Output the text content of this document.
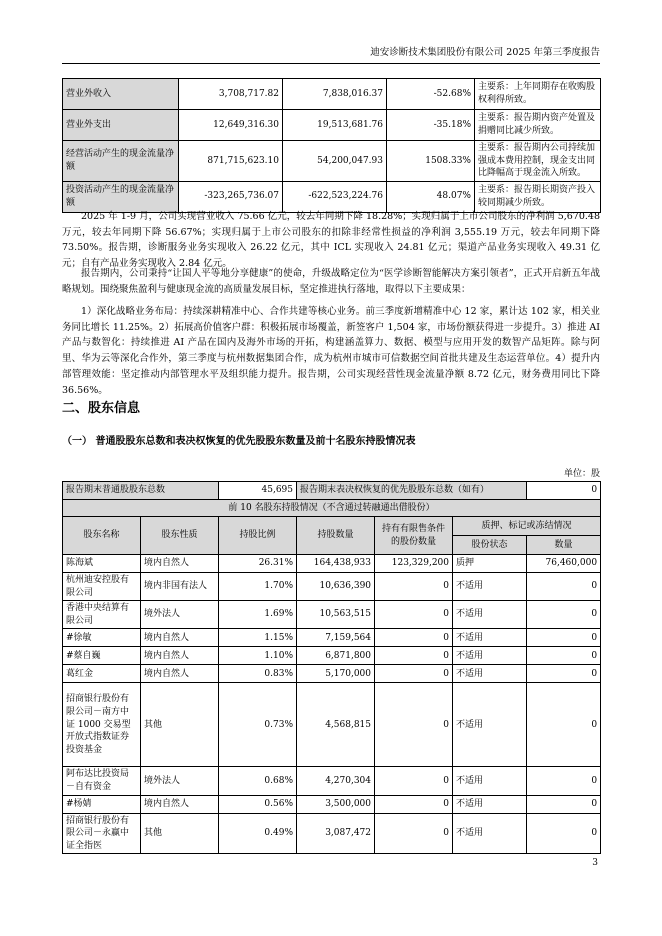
迪安诊断技术集团股份有限公司 2025 年第三季度报告
营业外收入	3,708,717.82	7,838,016.37	-52.68%	主要系：上年同期存在收购股权利得所致。
营业外支出	12,649,316.30	19,513,681.76	-35.18%	主要系：报告期内资产处置及捐赠同比减少所致。
经营活动产生的现金流量净额	871,715,623.10	54,200,047.93	1508.33%	主要系：报告期内公司持续加强成本费用控制，现金支出同比降幅高于现金流入所致。
投资活动产生的现金流量净额	-323,265,736.07	-622,523,224.76	48.07%	主要系：报告期长期资产投入较同期减少所致。

2025 年 1-9 月，公司实现营业收入 75.66 亿元，较去年同期下降 18.28%；实现归属于上市公司股东的净利润 5,670.48 万元，较去年同期下降 56.67%；实现归属于上市公司股东的扣除非经常性损益的净利润 3,555.19 万元，较去年同期下降 73.50%。报告期，诊断服务业务实现收入 26.22 亿元，其中 ICL 实现收入 24.81 亿元；渠道产品业务实现收入 49.31 亿元；自有产品业务实现收入 2.84 亿元。

报告期内，公司秉持“让国人平等地分享健康”的使命，升级战略定位为“医学诊断智能解决方案引领者”，正式开启新五年战略规划。围绕聚焦盈利与健康现金流的高质量发展目标，坚定推进执行落地，取得以下主要成果：

1）深化战略业务布局：持续深耕精准中心、合作共建等核心业务。前三季度新增精准中心 12 家，累计达 102 家，相关业务同比增长 11.25%。2）拓展高价值客户群：积极拓展市场覆盖，新签客户 1,504 家，市场份额获得进一步提升。3）推进 AI 产品与数智化：持续推进 AI 产品在国内及海外市场的开拓，构建涵盖算力、数据、模型与应用开发的数智产品矩阵。除与阿里、华为云等深化合作外，第三季度与杭州数据集团合作，成为杭州市城市可信数据空间首批共建及生态运营单位。4）提升内部管理效能：坚定推动内部管理水平及组织能力提升。报告期，公司实现经营性现金流量净额 8.72 亿元，财务费用同比下降 36.56%。

二、股东信息
（一） 普通股股东总数和表决权恢复的优先股股东数量及前十名股东持股情况表
单位：股
报告期末普通股股东总数		45,695	报告期末表决权恢复的优先股股东总数（如有）			0
前 10 名股东持股情况（不含通过转融通出借股份）						
股东名称	股东性质	持股比例	持股数量	持有有限售条件的股份数量	质押、标记或冻结情况	
					股份状态	数量
陈海斌	境内自然人	26.31%	164,438,933	123,329,200	质押	76,460,000
杭州迪安控股有限公司	境内非国有法人	1.70%	10,636,390	0	不适用	0
香港中央结算有限公司	境外法人	1.69%	10,563,515	0	不适用	0
#徐敏	境内自然人	1.15%	7,159,564	0	不适用	0
#蔡自巍	境内自然人	1.10%	6,871,800	0	不适用	0
葛红金	境内自然人	0.83%	5,170,000	0	不适用	0
招商银行股份有限公司－南方中证 1000 交易型开放式指数证券投资基金	其他	0.73%	4,568,815	0	不适用	0
阿布达比投资局－自有资金	境外法人	0.68%	4,270,304	0	不适用	0
#杨婧	境内自然人	0.56%	3,500,000	0	不适用	0
招商银行股份有限公司－永赢中证全指医	其他	0.49%	3,087,472	0	不适用	0
3
